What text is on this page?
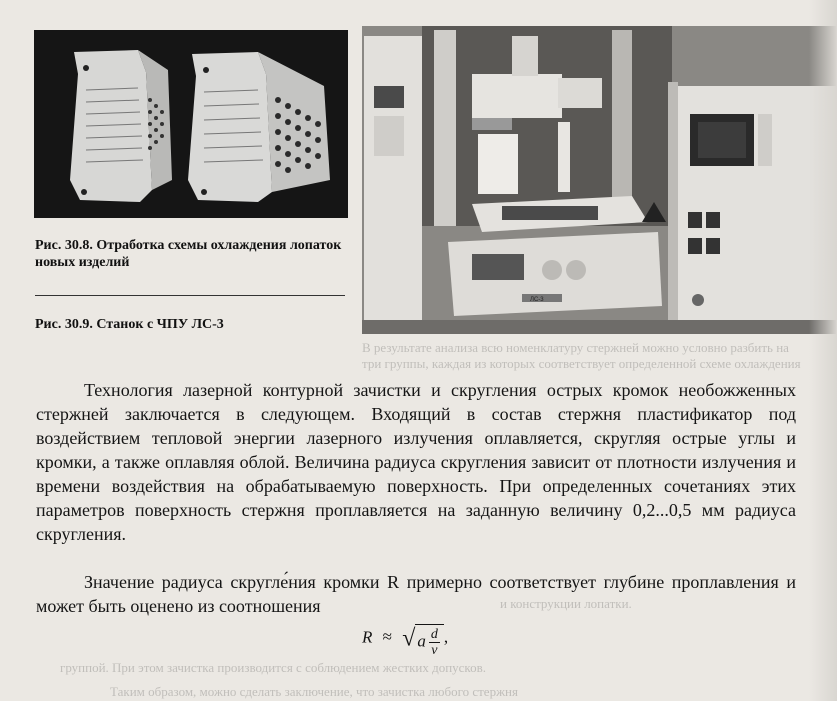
ЛС-3
Рис. 30.8. Отработка схемы охлаждения лопаток новых изделий
Рис. 30.9. Станок с ЧПУ ЛС-3
В результате анализа всю номенклатуру стержней можно условно разбить на
три группы, каждая из которых соответствует определенной схеме охлаждения
и конструкции лопатки.
группой. При этом зачистка производится с соблюдением жестких допусков.
Таким образом, можно сделать заключение, что зачистка любого стержня
Технология лазерной контурной зачистки и скругления острых кромок необожженных стержней заключается в следующем. Входящий в состав стержня пластификатор под воздействием тепловой энергии лазерного излучения оплавляется, скругляя острые углы и кромки, а также оплавляя облой. Величина радиуса скругления зависит от плотности излучения и времени воздействия на обрабатываемую поверхность. При определенных сочетаниях этих параметров поверхность стержня проплавляется на заданную величину 0,2...0,5 мм радиуса скругления.
Значение радиуса скругле́ния кромки R примерно соответствует глубине проплавления и может быть оценено из соотношения
R ≈ √ a $\frac{d}{v}$ ,
